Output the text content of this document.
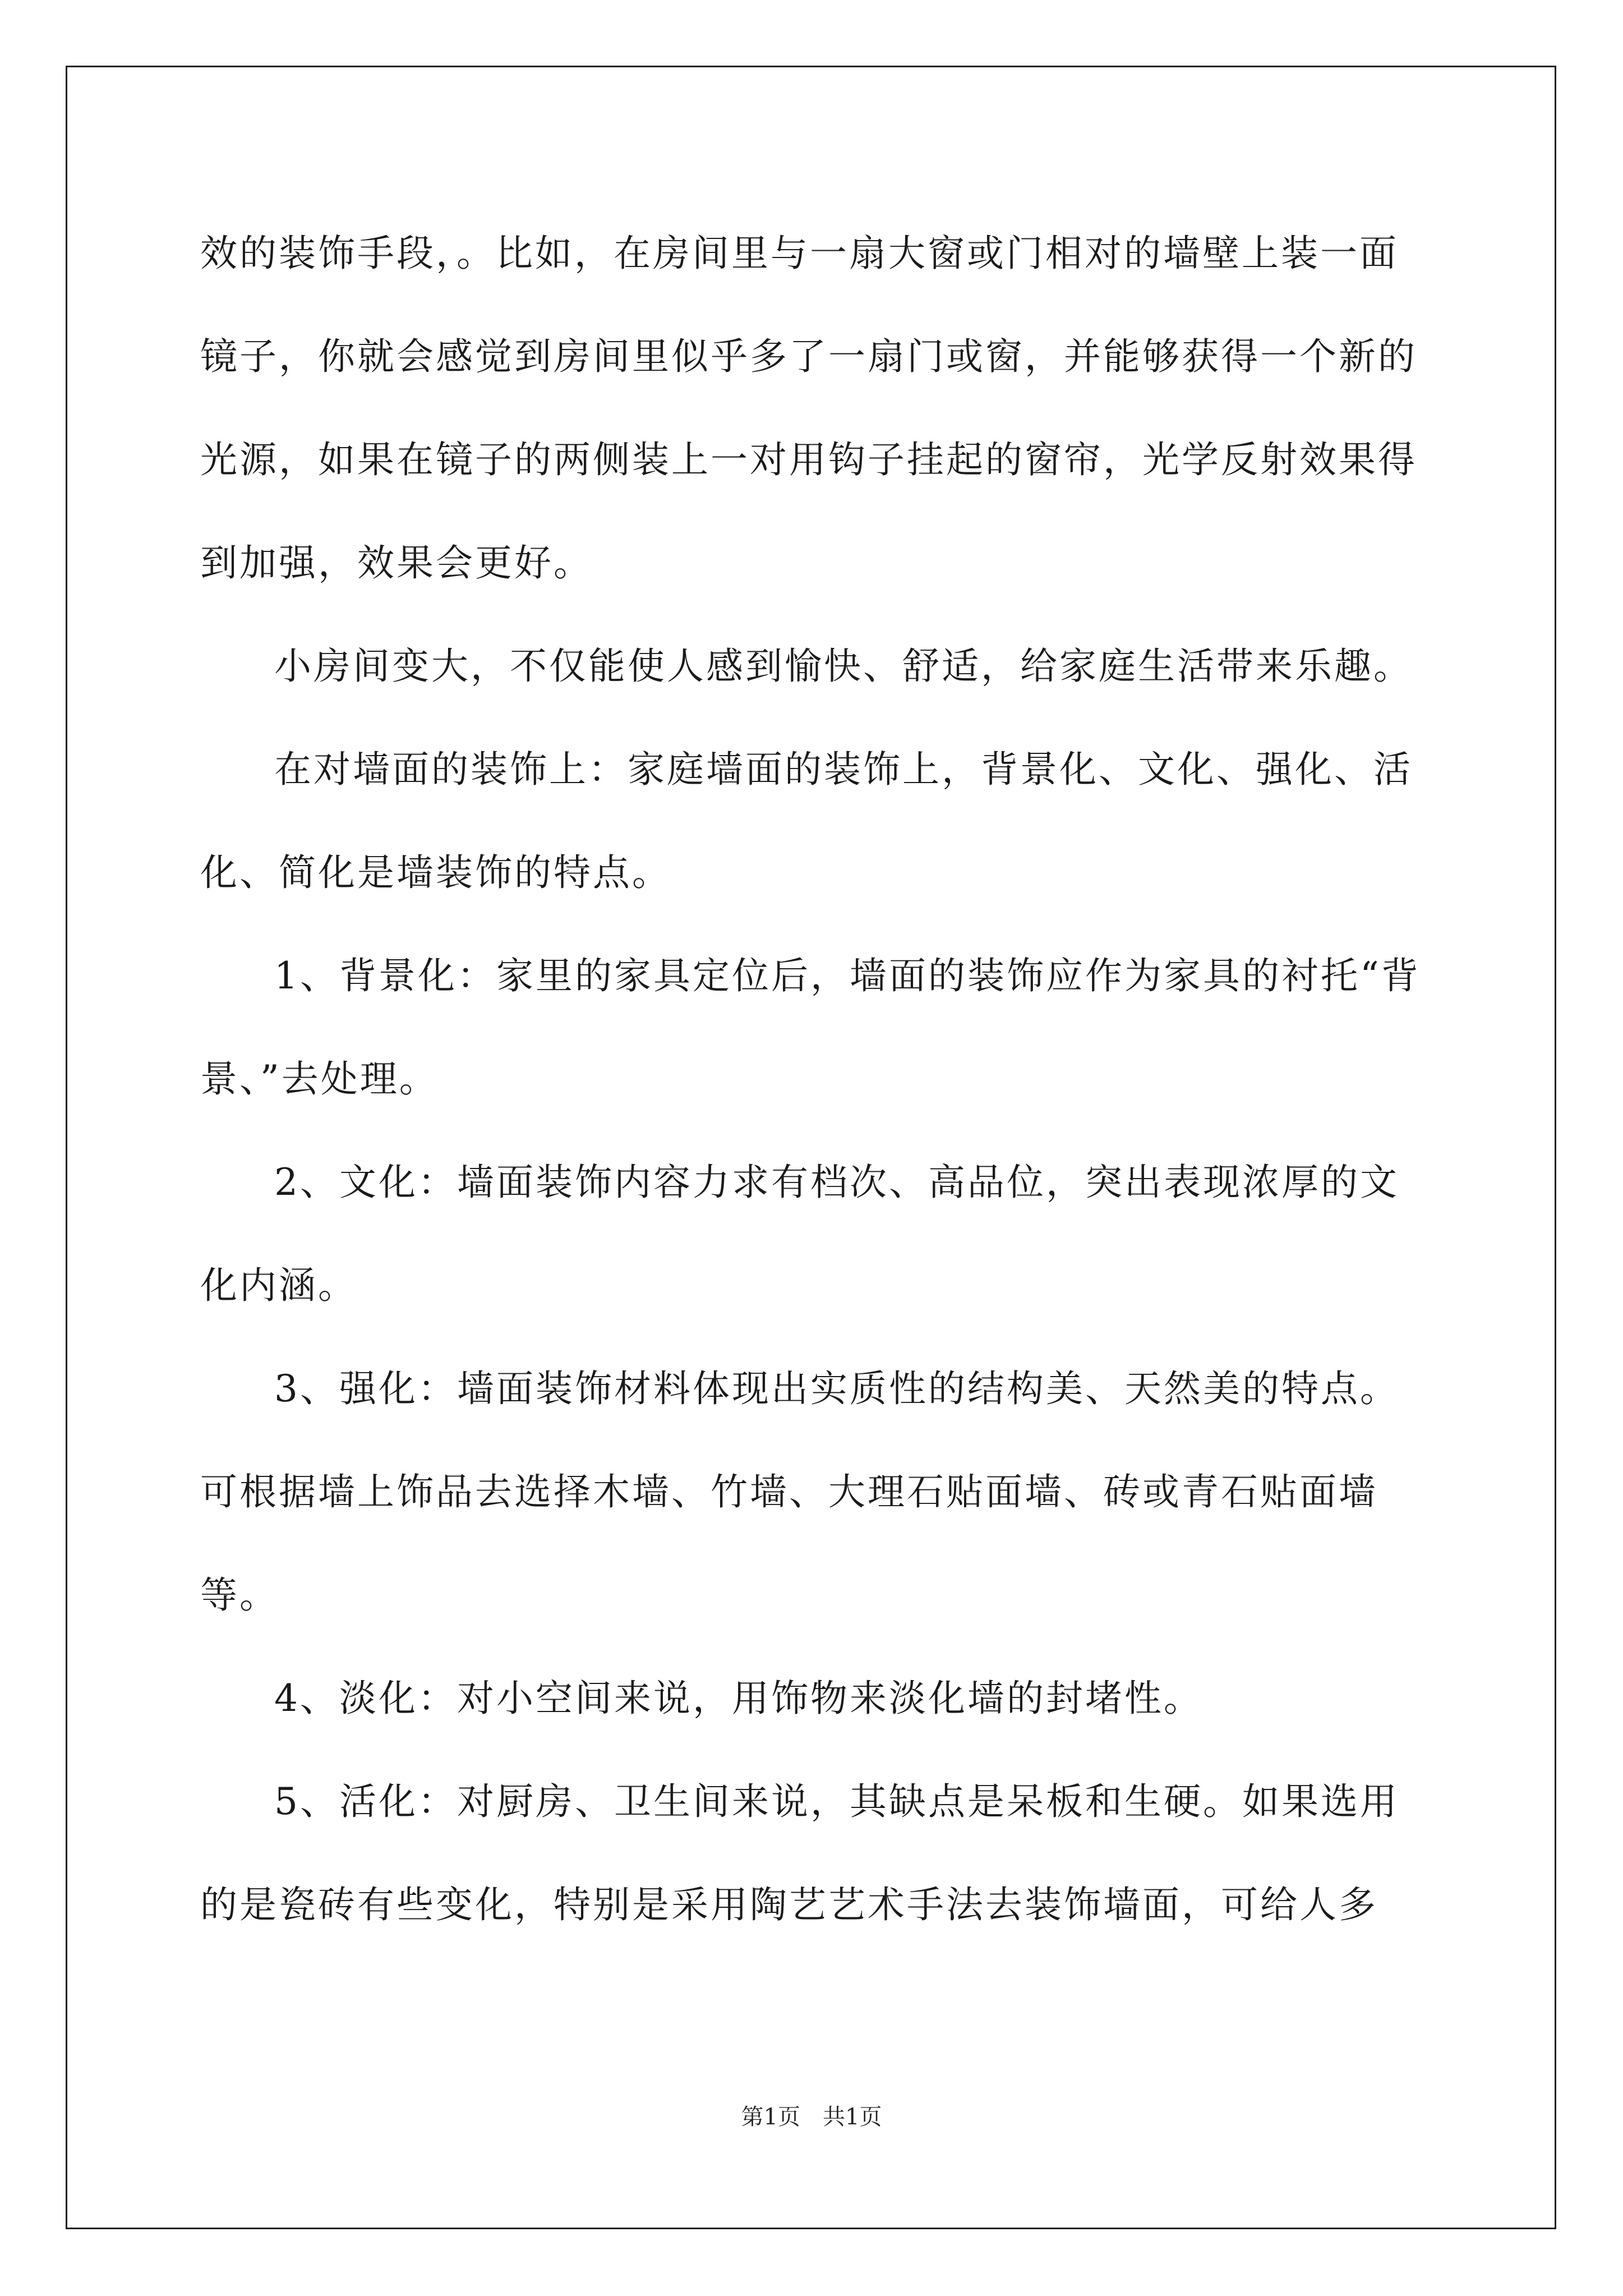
效的装饰手段，。比如，在房间里与一扇大窗或门相对的墙壁上装一面镜子，你就会感觉到房间里似乎多了一扇门或窗，并能够获得一个新的光源，如果在镜子的两侧装上一对用钩子挂起的窗帘，光学反射效果得到加强，效果会更好。

小房间变大，不仅能使人感到愉快、舒适，给家庭生活带来乐趣。

在对墙面的装饰上：家庭墙面的装饰上，背景化、文化、强化、活化、简化是墙装饰的特点。

1、背景化：家里的家具定位后，墙面的装饰应作为家具的衬托“背景、”去处理。

2、文化：墙面装饰内容力求有档次、高品位，突出表现浓厚的文化内涵。

3、强化：墙面装饰材料体现出实质性的结构美、天然美的特点。可根据墙上饰品去选择木墙、竹墙、大理石贴面墙、砖或青石贴面墙等。

4、淡化：对小空间来说，用饰物来淡化墙的封堵性。

5、活化：对厨房、卫生间来说，其缺点是呆板和生硬。如果选用的是瓷砖有些变化，特别是采用陶艺艺术手法去装饰墙面，可给人多

第1页　共1页
